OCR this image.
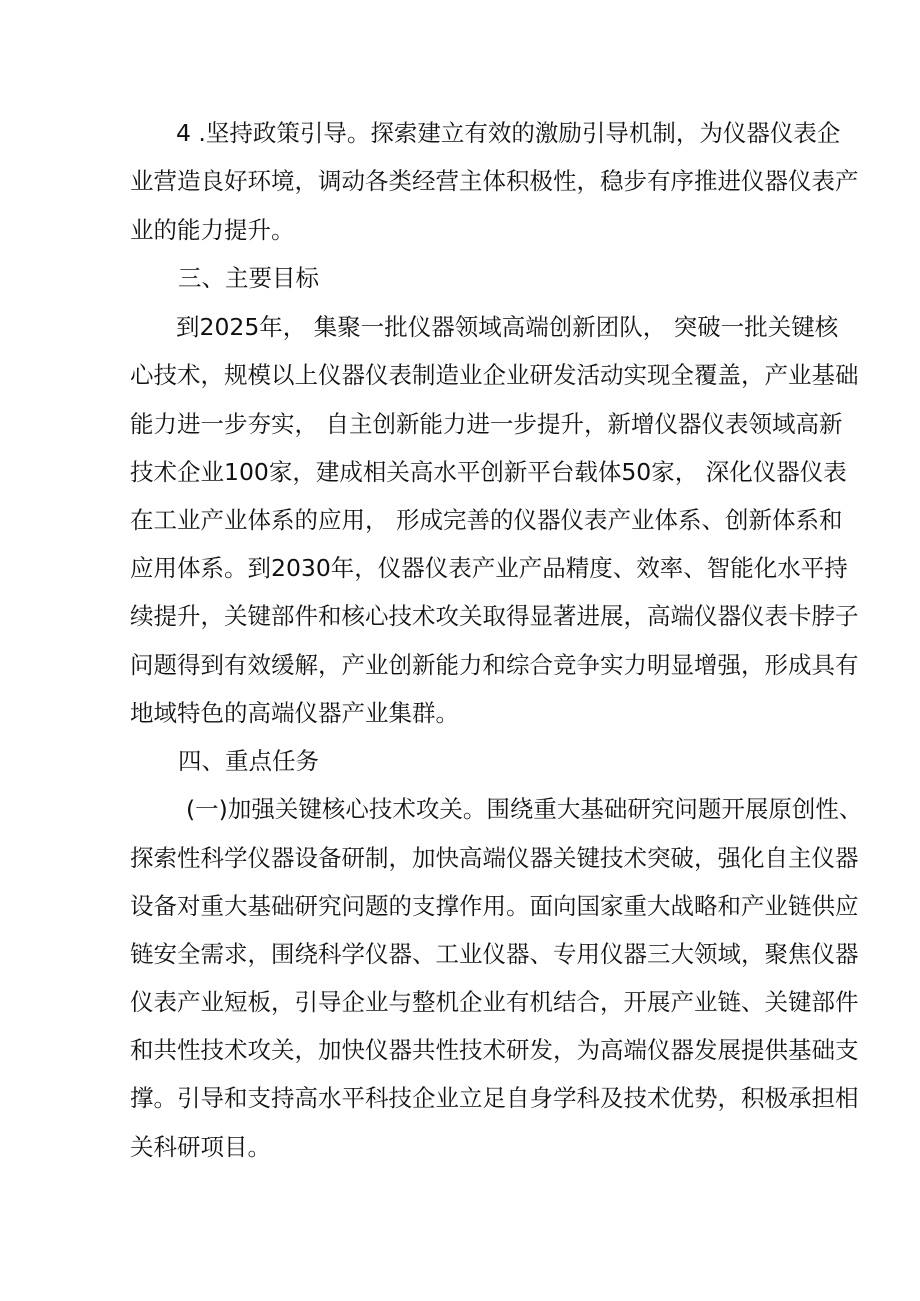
4 .坚持政策引导。探索建立有效的激励引导机制，为仪器仪表企
业营造良好环境，调动各类经营主体积极性，稳步有序推进仪器仪表产
业的能力提升。
三、主要目标
到2025年， 集聚一批仪器领域高端创新团队， 突破一批关键核
心技术，规模以上仪器仪表制造业企业研发活动实现全覆盖，产业基础
能力进一步夯实， 自主创新能力进一步提升，新增仪器仪表领域高新
技术企业100家，建成相关高水平创新平台载体50家， 深化仪器仪表
在工业产业体系的应用， 形成完善的仪器仪表产业体系、创新体系和
应用体系。到2030年，仪器仪表产业产品精度、效率、智能化水平持
续提升，关键部件和核心技术攻关取得显著进展，高端仪器仪表卡脖子
问题得到有效缓解，产业创新能力和综合竞争实力明显增强，形成具有
地域特色的高端仪器产业集群。
四、重点任务
(一)加强关键核心技术攻关。围绕重大基础研究问题开展原创性、
探索性科学仪器设备研制，加快高端仪器关键技术突破，强化自主仪器
设备对重大基础研究问题的支撑作用。面向国家重大战略和产业链供应
链安全需求，围绕科学仪器、工业仪器、专用仪器三大领域，聚焦仪器
仪表产业短板，引导企业与整机企业有机结合，开展产业链、关键部件
和共性技术攻关，加快仪器共性技术研发，为高端仪器发展提供基础支
撑。引导和支持高水平科技企业立足自身学科及技术优势，积极承担相
关科研项目。
